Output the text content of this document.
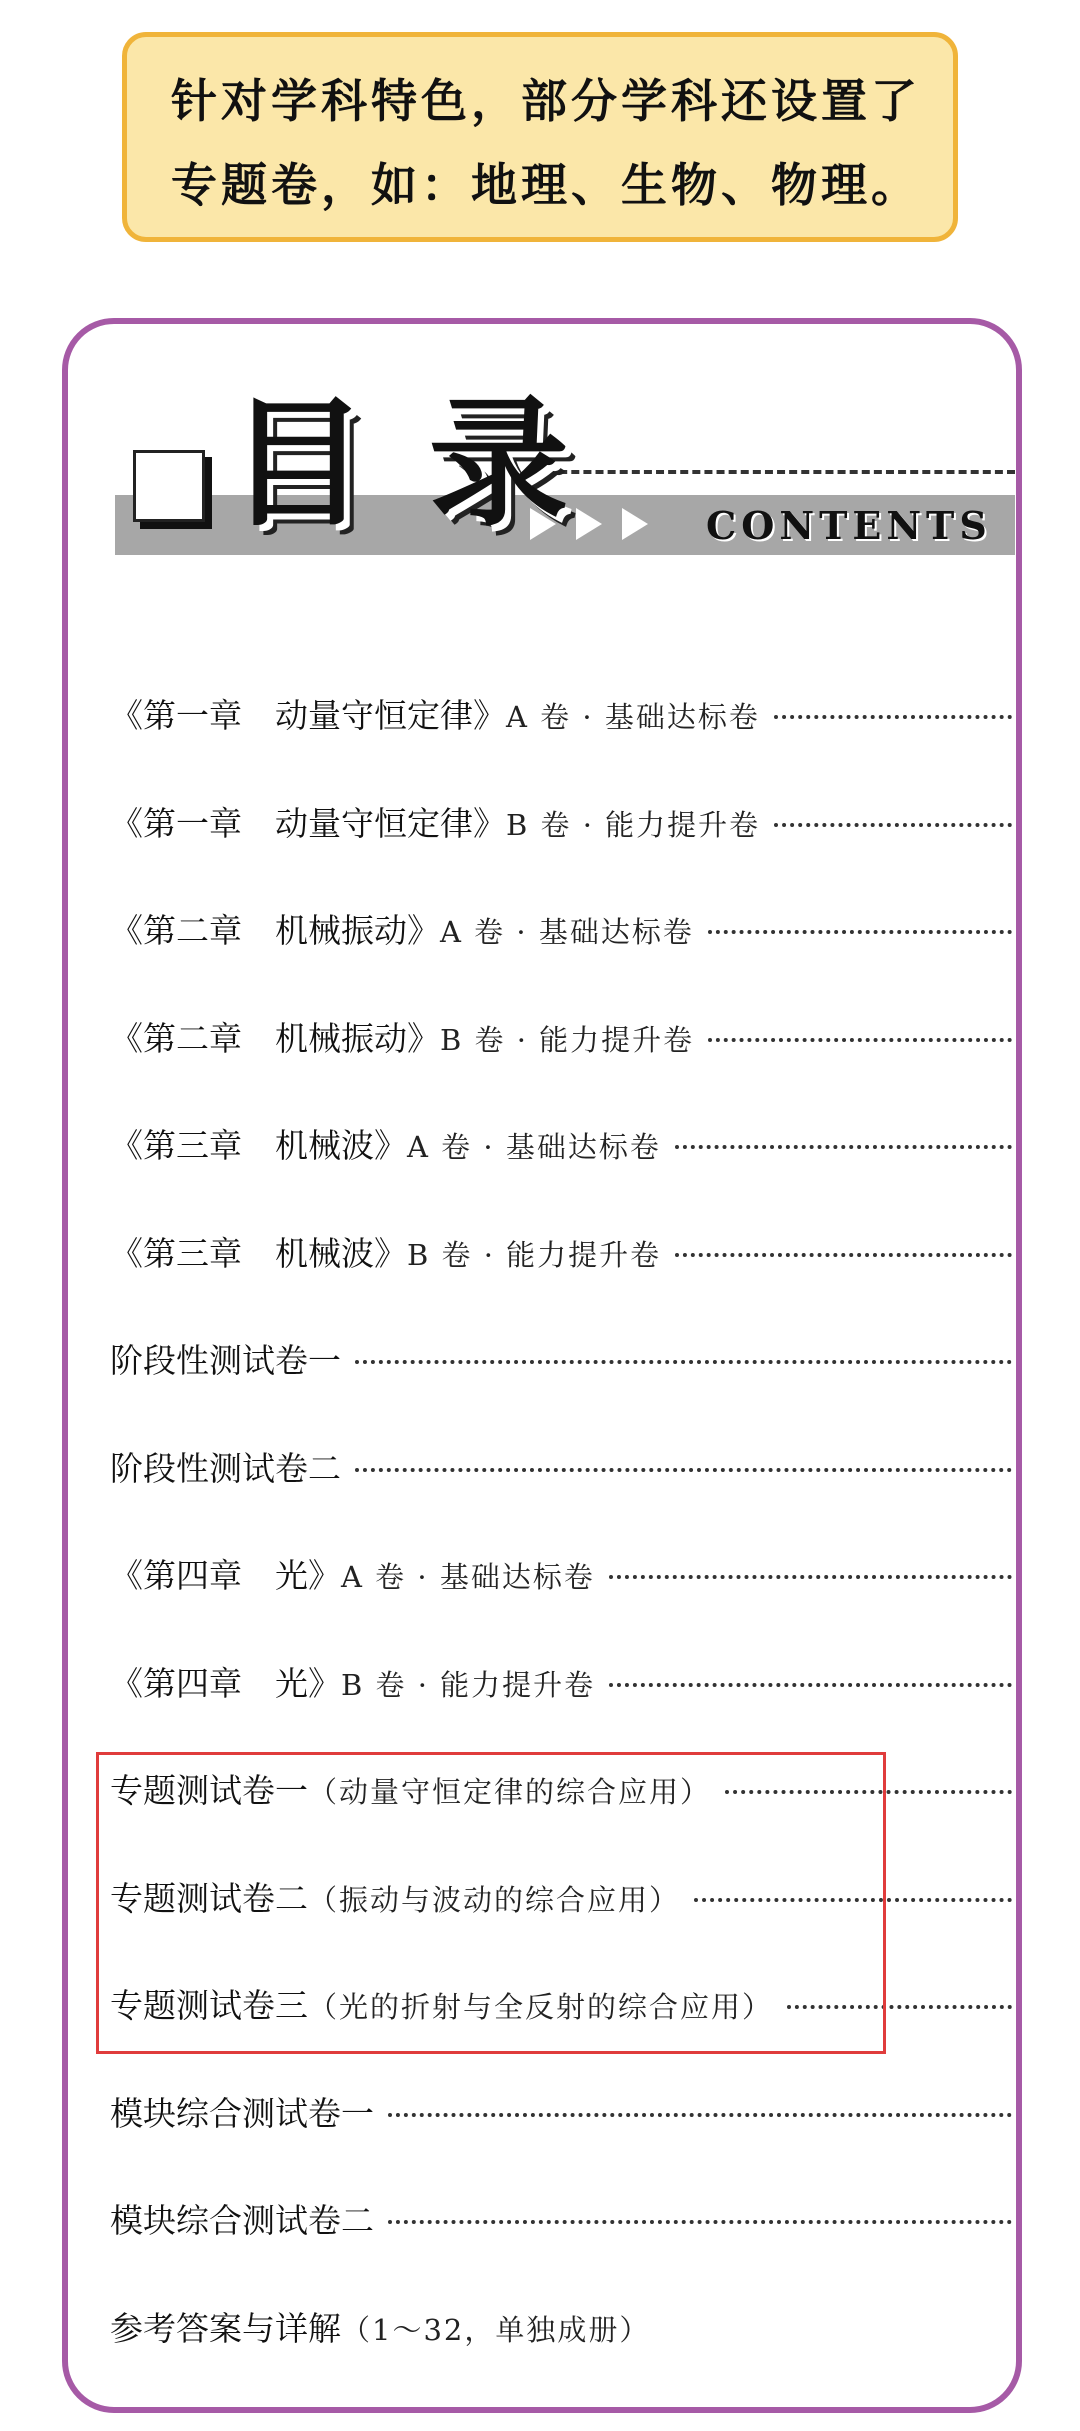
针对学科特色，部分学科还设置了
专题卷，如：地理、生物、物理。
目 录	CONTENTS
《第一章　动量守恒定律》 A 卷 · 基础达标卷
《第一章　动量守恒定律》 B 卷 · 能力提升卷
《第二章　机械振动》 A 卷 · 基础达标卷
《第二章　机械振动》 B 卷 · 能力提升卷
《第三章　机械波》 A 卷 · 基础达标卷
《第三章　机械波》 B 卷 · 能力提升卷
阶段性测试卷一
阶段性测试卷二
《第四章　光》 A 卷 · 基础达标卷
《第四章　光》 B 卷 · 能力提升卷
专题测试卷一 （动量守恒定律的综合应用）
专题测试卷二 （振动与波动的综合应用）
专题测试卷三 （光的折射与全反射的综合应用）
模块综合测试卷一
模块综合测试卷二
参考答案与详解 （1～32，单独成册）
